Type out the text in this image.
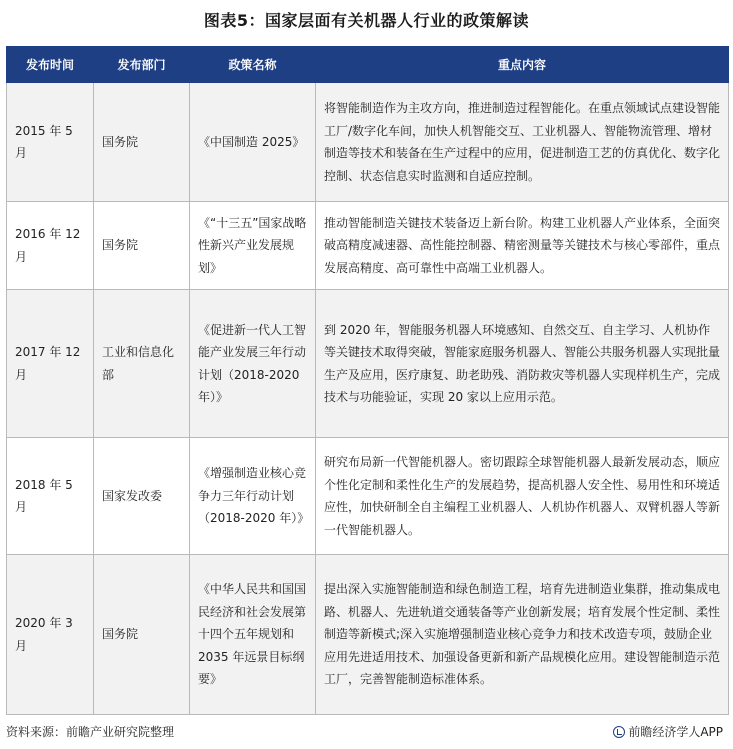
图表5：国家层面有关机器人行业的政策解读
发布时间	发布部门	政策名称	重点内容
2015 年 5 月	国务院	《中国制造 2025》	将智能制造作为主攻方向，推进制造过程智能化。在重点领域试点建设智能工厂/数字化车间，加快人机智能交互、工业机器人、智能物流管理、增材制造等技术和装备在生产过程中的应用，促进制造工艺的仿真优化、数字化控制、状态信息实时监测和自适应控制。
2016 年 12 月	国务院	《“十三五”国家战略性新兴产业发展规划》	推动智能制造关键技术装备迈上新台阶。构建工业机器人产业体系，全面突破高精度减速器、高性能控制器、精密测量等关键技术与核心零部件，重点发展高精度、高可靠性中高端工业机器人。
2017 年 12 月	工业和信息化部	《促进新一代人工智能产业发展三年行动计划（2018-2020 年）》	到 2020 年，智能服务机器人环境感知、自然交互、自主学习、人机协作等关键技术取得突破，智能家庭服务机器人、智能公共服务机器人实现批量生产及应用，医疗康复、助老助残、消防救灾等机器人实现样机生产，完成技术与功能验证，实现 20 家以上应用示范。
2018 年 5 月	国家发改委	《增强制造业核心竞争力三年行动计划（2018-2020 年）》	研究布局新一代智能机器人。密切跟踪全球智能机器人最新发展动态，顺应个性化定制和柔性化生产的发展趋势，提高机器人安全性、易用性和环境适应性，加快研制全自主编程工业机器人、人机协作机器人、双臂机器人等新一代智能机器人。
2020 年 3 月	国务院	《中华人民共和国国民经济和社会发展第十四个五年规划和 2035 年远景目标纲要》	提出深入实施智能制造和绿色制造工程，培育先进制造业集群，推动集成电路、机器人、先进轨道交通装备等产业创新发展；培育发展个性定制、柔性制造等新模式;深入实施增强制造业核心竞争力和技术改造专项，鼓励企业应用先进适用技术、加强设备更新和新产品规模化应用。建设智能制造示范工厂，完善智能制造标准体系。
资料来源：前瞻产业研究院整理	前瞻经济学人APP
